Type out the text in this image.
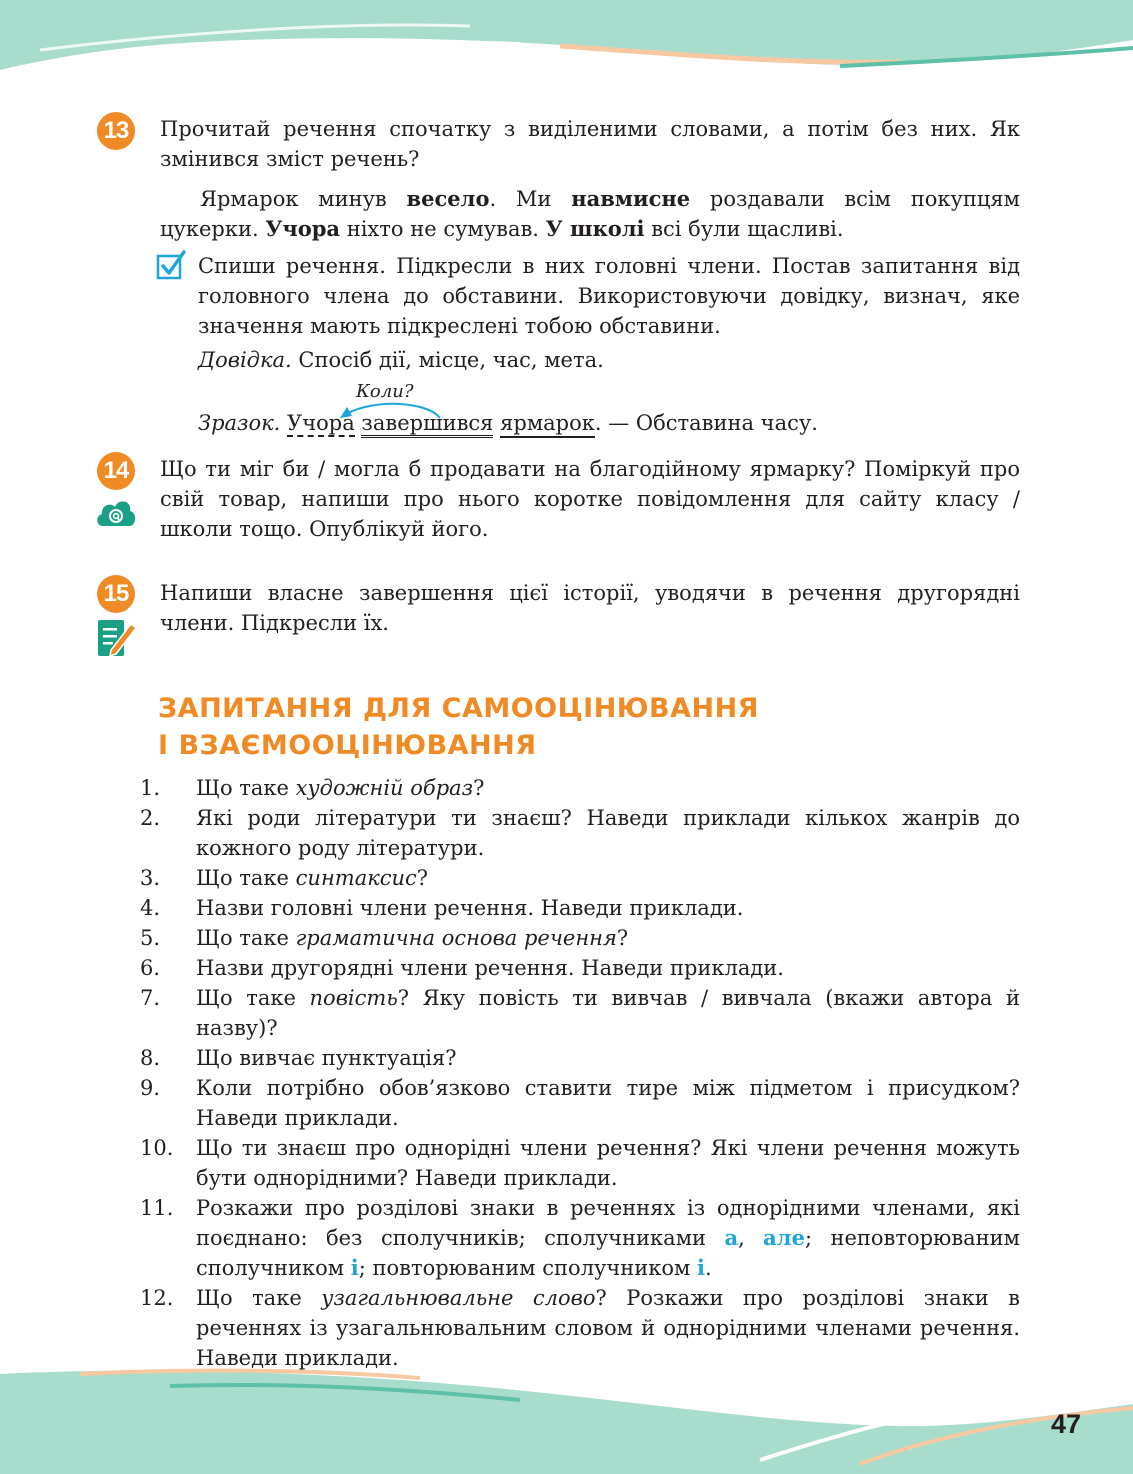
13	Прочитай речення спочатку з виділеними словами, а потім без них. Як змінився зміст речень?

Ярмарок минув весело. Ми навмисне роздавали всім покупцям цукерки. Учора ніхто не сумував. У школі всі були щасливі.

Спиши речення. Підкресли в них головні члени. Постав запитання від головного члена до обставини. Використовуючи довідку, визнач, яке значення мають підкреслені тобою обставини.

Довідка. Спосіб дії, місце, час, мета.

Коли?
Зразок. Учора завершився ярмарок. — Обставина часу.
14	Що ти міг би / могла б продавати на благодійному ярмарку? Поміркуй про свій товар, напиши про нього коротке повідомлення для сайту класу / школи тощо. Опублікуй його.

15	Напиши власне завершення цієї історії, уводячи в речення другорядні члени. Підкресли їх.

ЗАПИТАННЯ ДЛЯ САМООЦІНЮВАННЯ
І ВЗАЄМООЦІНЮВАННЯ
1.	Що таке художній образ?
2.	Які роди літератури ти знаєш? Наведи приклади кількох жанрів до кожного роду літератури.
3.	Що таке синтаксис?
4.	Назви головні члени речення. Наведи приклади.
5.	Що таке граматична основа речення?
6.	Назви другорядні члени речення. Наведи приклади.
7.	Що таке повість? Яку повість ти вивчав / вивчала (вкажи автора й назву)?
8.	Що вивчає пунктуація?
9.	Коли потрібно обов’язково ставити тире між підметом і присудком? Наведи приклади.
10.	Що ти знаєш про однорідні члени речення? Які члени речення можуть бути однорідними? Наведи приклади.
11.	Розкажи про розділові знаки в реченнях із однорідними членами, які поєднано: без сполучників; сполучниками а, але; неповторюваним сполучником і; повторюваним сполучником і.
12.	Що таке узагальнювальне слово? Розкажи про розділові знаки в реченнях із узагальнювальним словом й однорідними членами речення. Наведи приклади.
47
